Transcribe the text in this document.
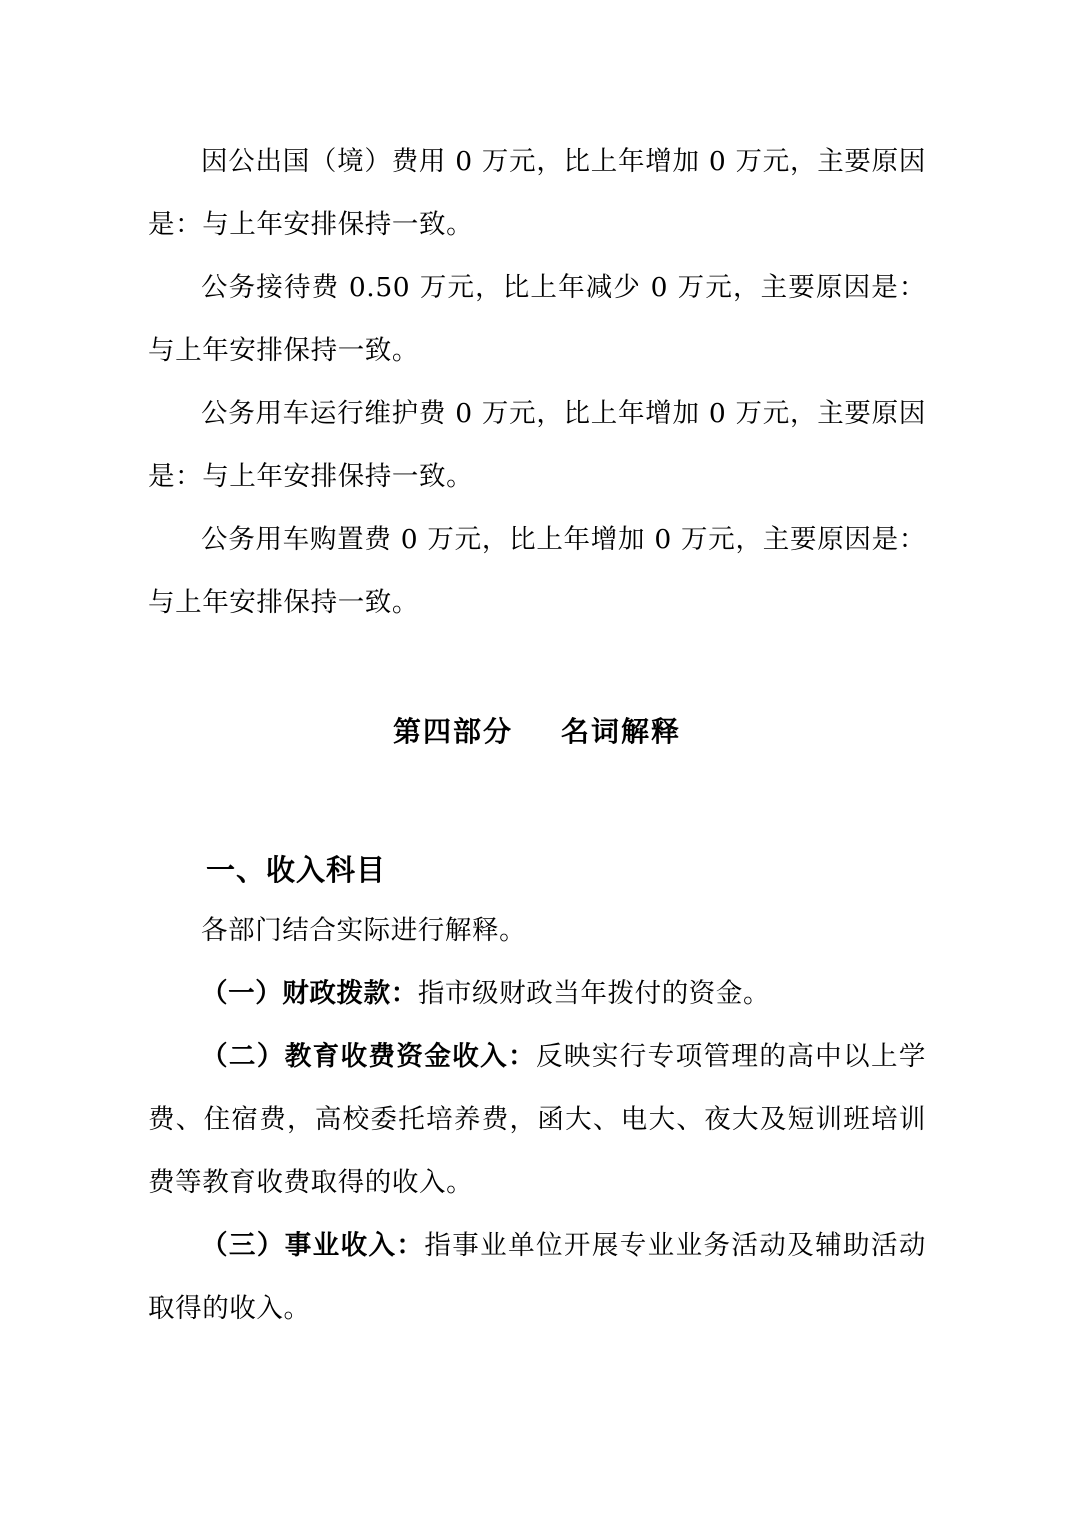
因公出国（境）费用 0 万元，比上年增加 0 万元，主要原因是：与上年安排保持一致。

公务接待费 0.50 万元，比上年减少 0 万元，主要原因是：与上年安排保持一致。

公务用车运行维护费 0 万元，比上年增加 0 万元，主要原因是：与上年安排保持一致。

公务用车购置费 0 万元，比上年增加 0 万元，主要原因是：与上年安排保持一致。

第四部分 名词解释

一、收入科目

各部门结合实际进行解释。

（一）财政拨款：指市级财政当年拨付的资金。

（二）教育收费资金收入：反映实行专项管理的高中以上学费、住宿费，高校委托培养费，函大、电大、夜大及短训班培训费等教育收费取得的收入。

（三）事业收入：指事业单位开展专业业务活动及辅助活动取得的收入。
